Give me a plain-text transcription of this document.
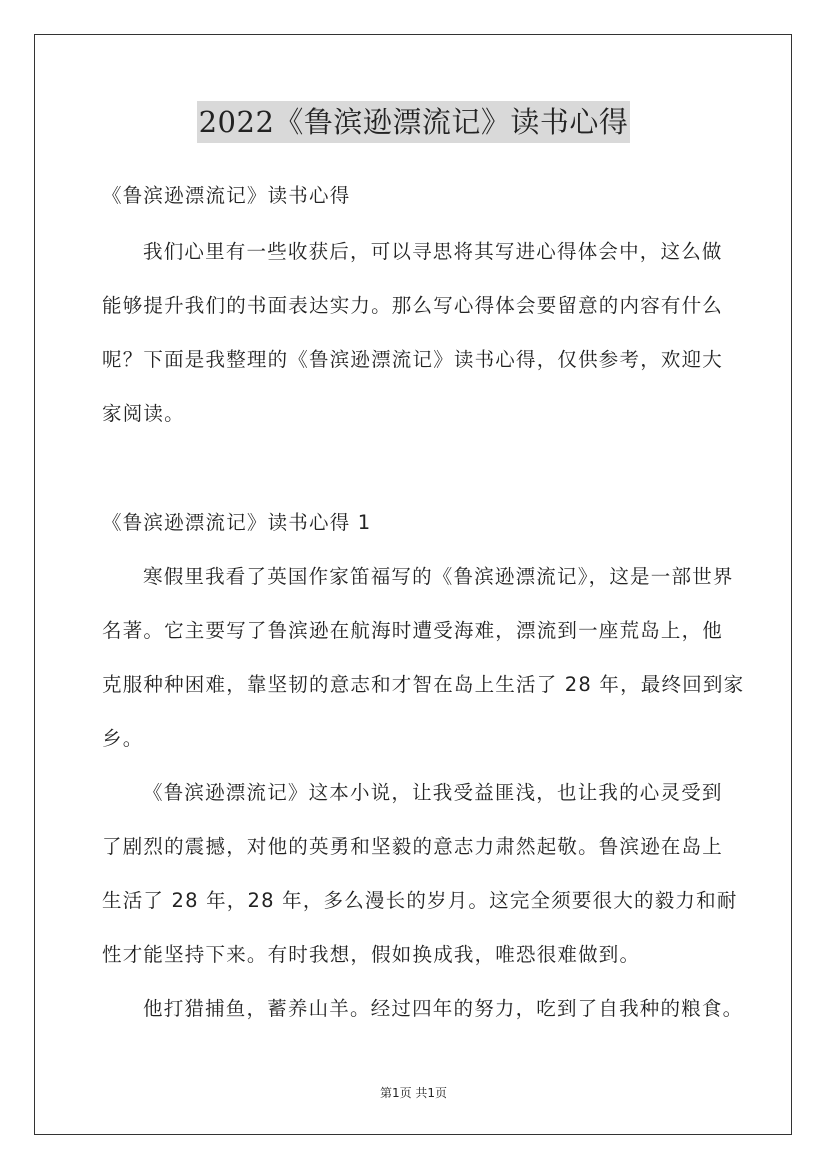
2022《鲁滨逊漂流记》读书心得
《鲁滨逊漂流记》读书心得
我们心里有一些收获后，可以寻思将其写进心得体会中，这么做
能够提升我们的书面表达实力。那么写心得体会要留意的内容有什么
呢？下面是我整理的《鲁滨逊漂流记》读书心得，仅供参考，欢迎大
家阅读。
《鲁滨逊漂流记》读书心得 1
寒假里我看了英国作家笛福写的《鲁滨逊漂流记》，这是一部世界
名著。它主要写了鲁滨逊在航海时遭受海难，漂流到一座荒岛上，他
克服种种困难，靠坚韧的意志和才智在岛上生活了 28 年，最终回到家
乡。
《鲁滨逊漂流记》这本小说，让我受益匪浅，也让我的心灵受到
了剧烈的震撼，对他的英勇和坚毅的意志力肃然起敬。鲁滨逊在岛上
生活了 28 年，28 年，多么漫长的岁月。这完全须要很大的毅力和耐
性才能坚持下来。有时我想，假如换成我，唯恐很难做到。
他打猎捕鱼，蓄养山羊。经过四年的努力，吃到了自我种的粮食。
第1页 共1页
